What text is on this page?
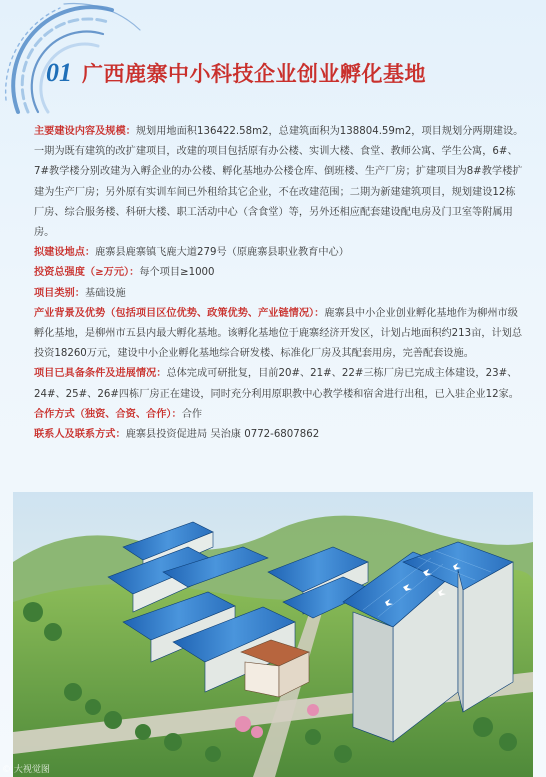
01 广西鹿寨中小科技企业创业孵化基地

主要建设内容及规模：规划用地面积136422.58m2，总建筑面积为138804.59m2，项目规划分两期建设。一期为既有建筑的改扩建项目，改建的项目包括原有办公楼、实训大楼、食堂、教师公寓、学生公寓，6#、7#教学楼分别改建为入孵企业的办公楼、孵化基地办公楼仓库、倒班楼、生产厂房；扩建项目为8#教学楼扩建为生产厂房；另外原有实训车间已外租给其它企业，不在改建范围；二期为新建建筑项目，规划建设12栋厂房、综合服务楼、科研大楼、职工活动中心（含食堂）等，另外还相应配套建设配电房及门卫室等附属用房。

拟建设地点：鹿寨县鹿寨镇飞鹿大道279号（原鹿寨县职业教育中心）

投资总强度（≥万元）：每个项目≥1000

项目类别：基础设施

产业背景及优势（包括项目区位优势、政策优势、产业链情况）：鹿寨县中小企业创业孵化基地作为柳州市级孵化基地，是柳州市五县内最大孵化基地。该孵化基地位于鹿寨经济开发区，计划占地面积约213亩，计划总投资18260万元，建设中小企业孵化基地综合研发楼、标准化厂房及其配套用房，完善配套设施。

项目已具备条件及进展情况：总体完成可研批复，目前20#、21#、22#三栋厂房已完成主体建设，23#、24#、25#、26#四栋厂房正在建设，同时充分利用原职教中心教学楼和宿舍进行出租，已入驻企业12家。

合作方式（独资、合资、合作）：合作

联系人及联系方式：鹿寨县投资促进局 吴治康 0772-6807862

© 大视觉图
